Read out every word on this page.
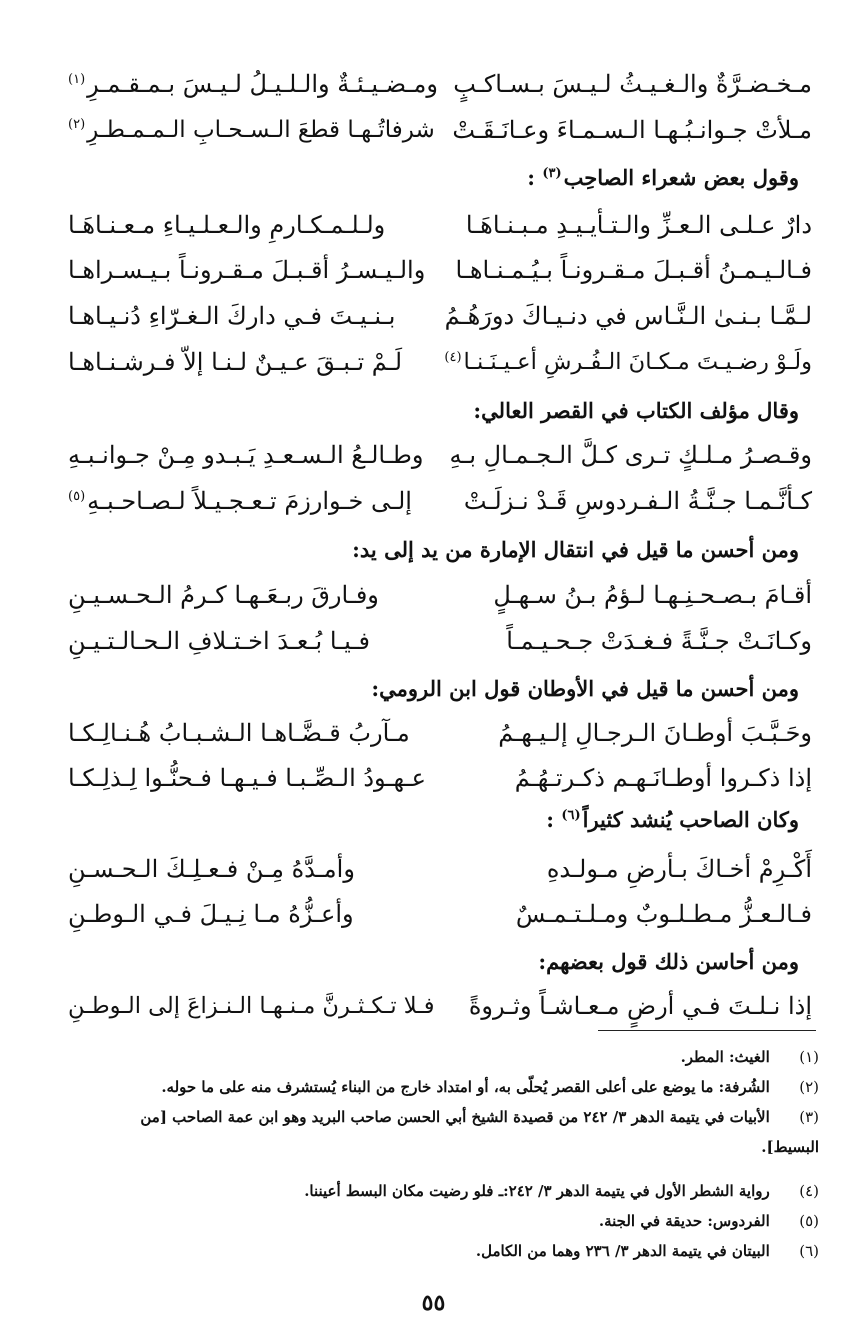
مـخـضـرَّةٌ والـغـيـثُ لـيـسَ بـسـاكـبٍ
ومـضـيـئـةٌ والـلـيـلُ لـيـسَ بـمـقـمـرِ$^{(١)}$
مـلأتْ جـوانـبُـهـا الـسـمـاءَ وعـانَـقَـتْ
شرفاتُـهـا قطعَ الـسـحـابِ الـمـمـطـرِ$^{(٢)}$
وقول بعض شعراء الصاحِب$^{(٣)}$ :
دارٌ عـلـى الـعـزِّ والـتـأيـيـدِ مـبـنـاهَـا
ولـلـمـكـارمِ والـعـلـيـاءِ مـعـنـاهَـا
فـالـيـمـنُ أقـبـلَ مـقـرونـاً بـيُـمـنـاهـا
والـيـسـرُ أقـبـلَ مـقـرونـاً بـيـسـراهـا
لـمَّـا بـنـىٰ الـنَّـاس في دنـيـاكَ دورَهُـمُ
بـنـيـتَ فـي داركَ الـغـرّاءِ دُنـيـاهـا
ولَـوْ رضـيـتَ مـكـانَ الـفُـرشِ أعـيـنَـنـا$^{(٤)}$
لَـمْ تـبـقَ عـيـنٌ لـنـا إلاّ فـرشـنـاهـا
وقال مؤلف الكتاب في القصر العالي:
وقـصـرُ مـلـكٍ تـرى كـلَّ الـجـمـالِ بـهِ
وطـالـعُ الـسـعـدِ يَـبـدو مِـنْ جـوانـبـهِ
كـأنَّـمـا جـنَّـةُ الـفـردوسِ قَـدْ نـزلَـتْ
إلـى خـوارزمَ تـعـجـيـلاً لـصـاحـبـهِ$^{(٥)}$
ومن أحسن ما قيل في انتقال الإمارة من يد إلى يد:
أقـامَ بـصـحـنِـهـا لـؤمُ بـنُ سـهـلٍ
وفـارقَ ربـعَـهـا كـرمُ الـحـسـيـنِ
وكـانَـتْ جـنَّـةً فـغـدَتْ جـحـيـمـاً
فـيـا بُـعـدَ اخـتـلافِ الـحـالـتـيـنِ
ومن أحسن ما قيل في الأوطان قول ابن الرومي:
وحَـبَّـبَ أوطـانَ الـرجـالِ إلـيـهـمُ
مـآربُ قـضَّـاهـا الـشـبـابُ هُـنـالِـكـا
إذا ذكـروا أوطـانَـهـم ذكـرتـهُـمُ
عـهـودُ الـصِّـبـا فـيـهـا فـحنُّـوا لِـذلِـكـا
وكان الصاحب يُنشد كثيراً$^{(٦)}$ :
أَكْـرِمْ أخـاكَ بـأرضِ مـولـدهِ
وأمـدَّهُ مِـنْ فـعـلِـكَ الـحـسـنِ
فـالـعـزُّ مـطـلـوبٌ ومـلـتـمـسٌ
وأعـزُّهُ مـا نِـيـلَ فـي الـوطـنِ
ومن أحاسن ذلك قول بعضهم:
إذا نـلـتَ فـي أرضٍ مـعـاشـاً وثـروةً
فـلا تـكـثـرنَّ مـنـهـا الـنـزاعَ إلى الـوطـنِ
(١) الغيث: المطر.
(٢) الشُرفة: ما يوضع على أعلى القصر يُحلّى به، أو امتداد خارج من البناء يُستشرف منه على ما حوله.
(٣) الأبيات في يتيمة الدهر ٣/ ٢٤٢ من قصيدة الشيخ أبي الحسن صاحب البريد وهو ابن عمة الصاحب [من
البسيط].
(٤) رواية الشطر الأول في يتيمة الدهر ٣/ ٢٤٢:ـ فلو رضيت مكان البسط أعيننا.
(٥) الفردوس: حديقة في الجنة.
(٦) البيتان في يتيمة الدهر ٣/ ٢٣٦ وهما من الكامل.
٥٥
